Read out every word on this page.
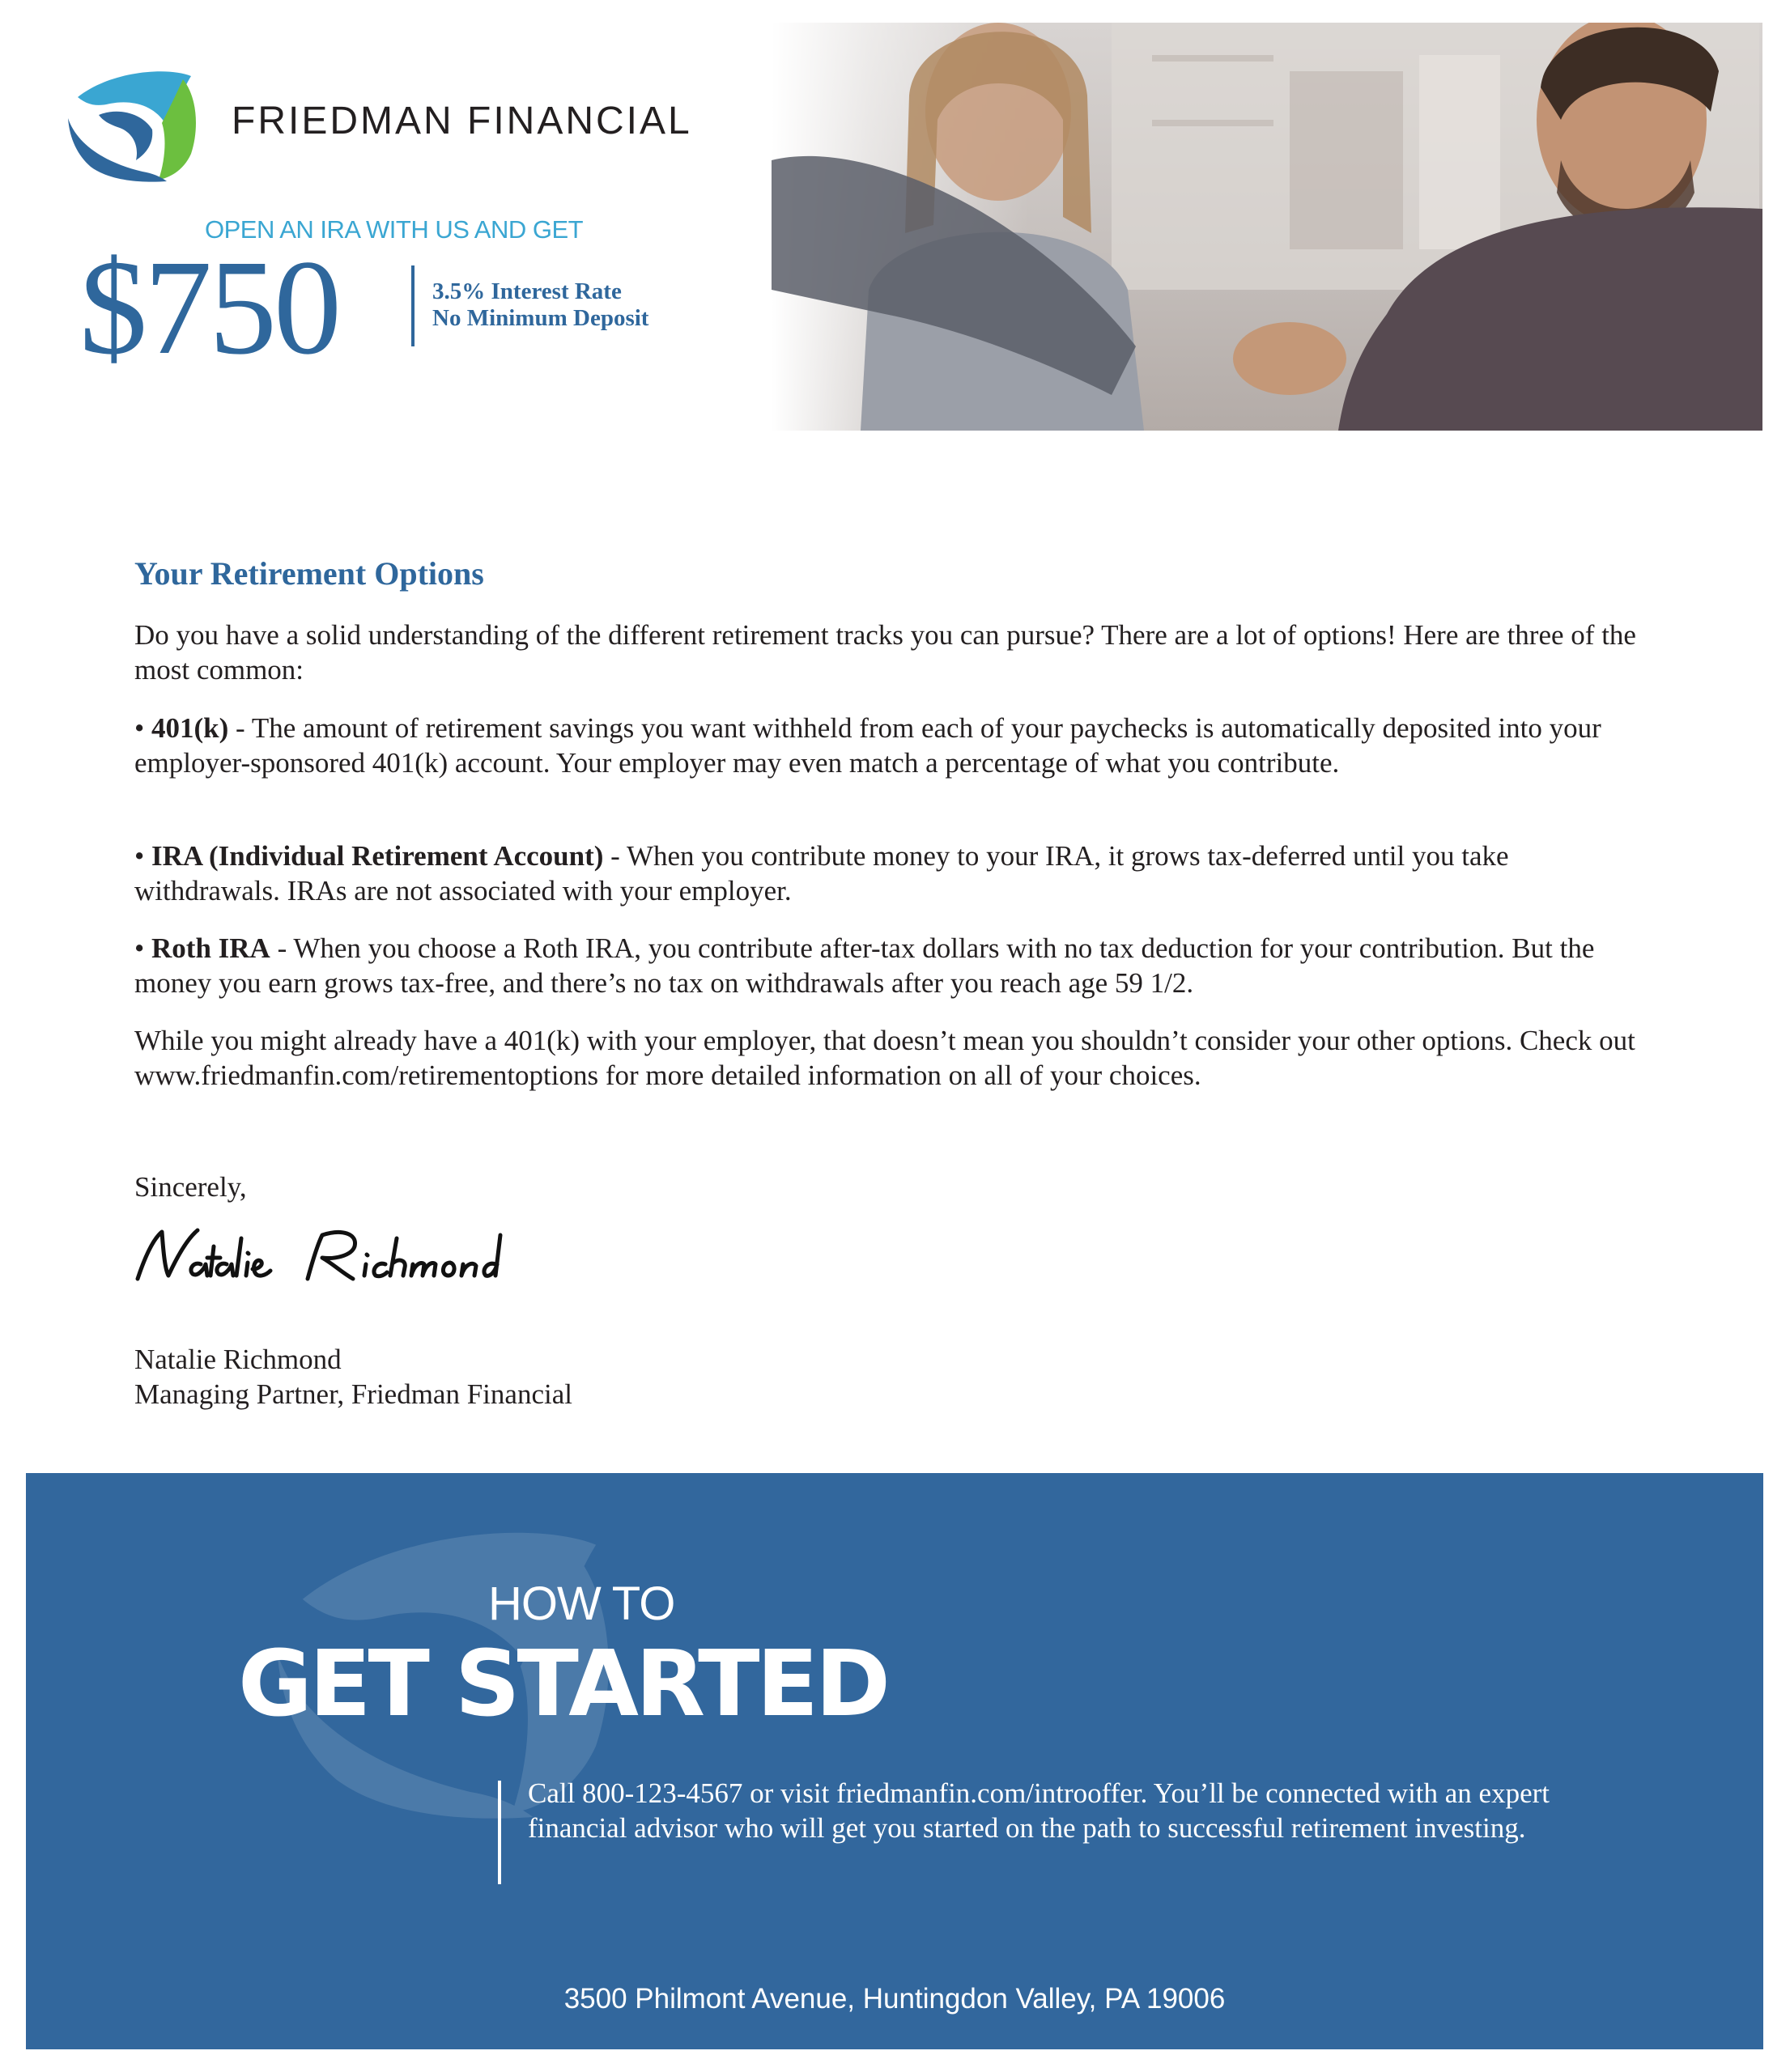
FRIEDMAN FINANCIAL
OPEN AN IRA WITH US AND GET
$750	3.5% Interest Rate
No Minimum Deposit
Your Retirement Options
Do you have a solid understanding of the different retirement tracks you can pursue? There are a lot of options! Here are three of the most common:
• 401(k) - The amount of retirement savings you want withheld from each of your paychecks is automatically deposited into your employer-sponsored 401(k) account. Your employer may even match a percentage of what you contribute.
• IRA (Individual Retirement Account) - When you contribute money to your IRA, it grows tax-deferred until you take withdrawals. IRAs are not associated with your employer.
• Roth IRA - When you choose a Roth IRA, you contribute after-tax dollars with no tax deduction for your contribution. But the money you earn grows tax-free, and there’s no tax on withdrawals after you reach age 59 1/2.
While you might already have a 401(k) with your employer, that doesn’t mean you shouldn’t consider your other options. Check out www.friedmanfin.com/retirementoptions for more detailed information on all of your choices.
Sincerely,
Natalie Richmond
Managing Partner, Friedman Financial
HOW TO
GET STARTED
Call 800-123-4567 or visit friedmanfin.com/introoffer. You’ll be connected with an expert financial advisor who will get you started on the path to successful retirement investing.
3500 Philmont Avenue, Huntingdon Valley, PA 19006
